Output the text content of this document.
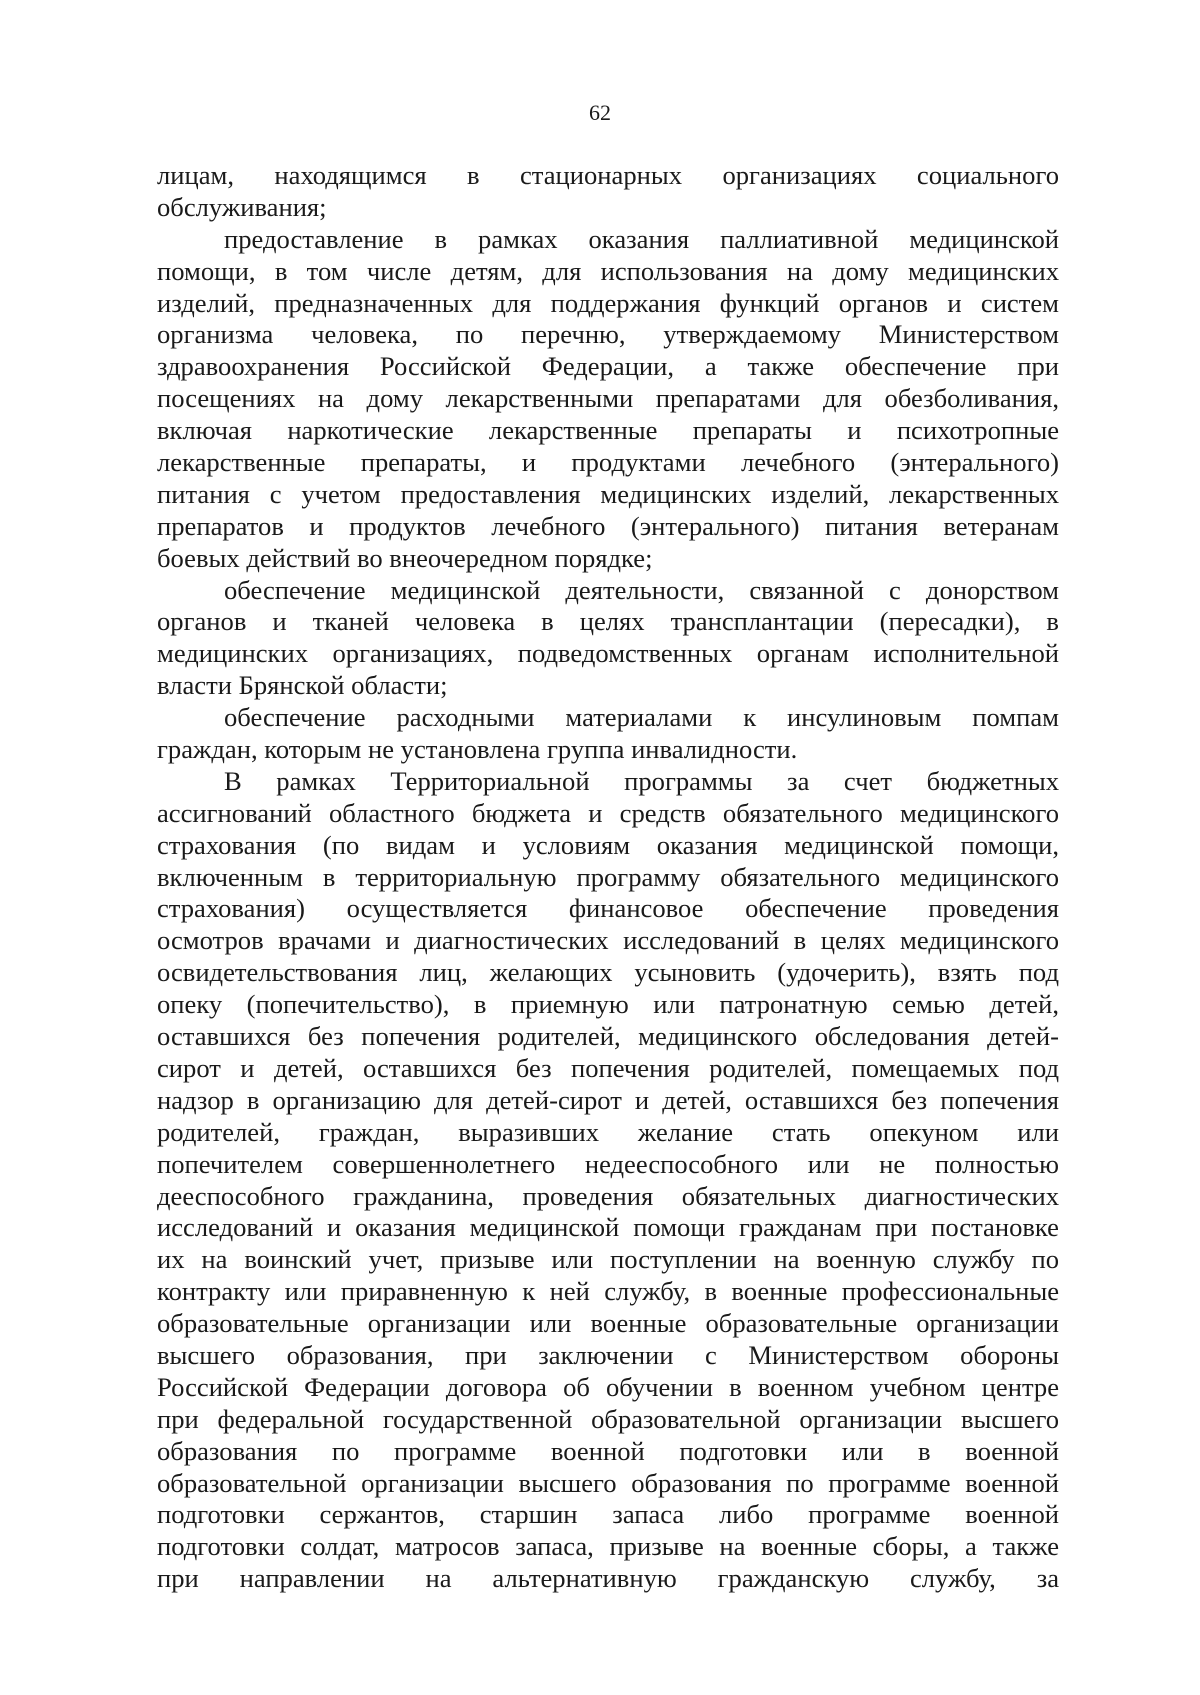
62
лицам, находящимся в стационарных организациях социального
обслуживания;
предоставление в рамках оказания паллиативной медицинской
помощи, в том числе детям, для использования на дому медицинских
изделий, предназначенных для поддержания функций органов и систем
организма человека, по перечню, утверждаемому Министерством
здравоохранения Российской Федерации, а также обеспечение при
посещениях на дому лекарственными препаратами для обезболивания,
включая наркотические лекарственные препараты и психотропные
лекарственные препараты, и продуктами лечебного (энтерального)
питания с учетом предоставления медицинских изделий, лекарственных
препаратов и продуктов лечебного (энтерального) питания ветеранам
боевых действий во внеочередном порядке;
обеспечение медицинской деятельности, связанной с донорством
органов и тканей человека в целях трансплантации (пересадки), в
медицинских организациях, подведомственных органам исполнительной
власти Брянской области;
обеспечение расходными материалами к инсулиновым помпам
граждан, которым не установлена группа инвалидности.
В рамках Территориальной программы за счет бюджетных
ассигнований областного бюджета и средств обязательного медицинского
страхования (по видам и условиям оказания медицинской помощи,
включенным в территориальную программу обязательного медицинского
страхования) осуществляется финансовое обеспечение проведения
осмотров врачами и диагностических исследований в целях медицинского
освидетельствования лиц, желающих усыновить (удочерить), взять под
опеку (попечительство), в приемную или патронатную семью детей,
оставшихся без попечения родителей, медицинского обследования детей-
сирот и детей, оставшихся без попечения родителей, помещаемых под
надзор в организацию для детей-сирот и детей, оставшихся без попечения
родителей, граждан, выразивших желание стать опекуном или
попечителем совершеннолетнего недееспособного или не полностью
дееспособного гражданина, проведения обязательных диагностических
исследований и оказания медицинской помощи гражданам при постановке
их на воинский учет, призыве или поступлении на военную службу по
контракту или приравненную к ней службу, в военные профессиональные
образовательные организации или военные образовательные организации
высшего образования, при заключении с Министерством обороны
Российской Федерации договора об обучении в военном учебном центре
при федеральной государственной образовательной организации высшего
образования по программе военной подготовки или в военной
образовательной организации высшего образования по программе военной
подготовки сержантов, старшин запаса либо программе военной
подготовки солдат, матросов запаса, призыве на военные сборы, а также
при направлении на альтернативную гражданскую службу, за
